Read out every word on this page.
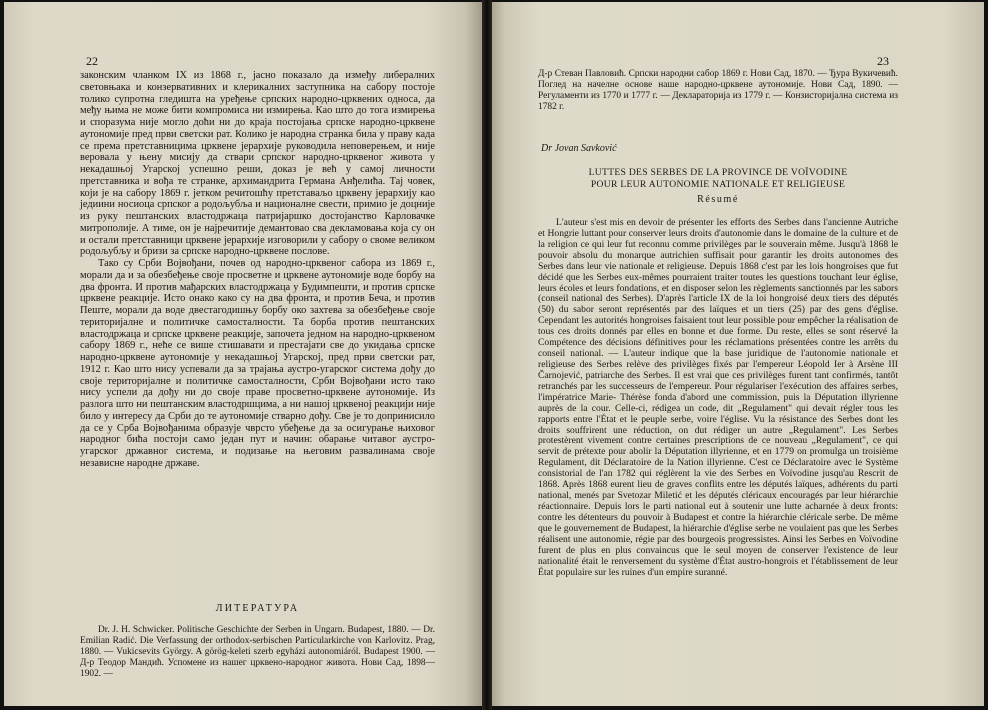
22

законским чланком IX из 1868 г., јасно показало да између либералних световњака и конзервативних и клерикалних заступника на сабору постоје толико супротна гледишта на уређење српских народно-црквених односа, да међу њима не може бити компромиса ни измирења. Као што до тога измирења и споразума није могло доћи ни до краја постојања српске народно-црквене аутономије пред први светски рат. Колико је народна странка била у праву када се према претставницима црквене јерархије руководила неповерењем, и није веровала у њену мисију да ствари српског народно-црквеног живота у некадашњој Угарској успешно реши, доказ је већ у самој личности претставника и вођа те странке, архимандрита Германа Анђелића. Тај човек, који је на сабору 1869 г. јетком речитошћу претставаљо црквену јерархију као једиини носиоца српског а родољубља и националне свести, примио је доцније из руку пештанских властодржаца патријаршко достојанство Карловачке митрополије. А тиме, он је најречитије демантовао сва декламовања која су он и остали претставници црквене јерархије изговорили у сабору о своме великом родољубљу и бризи за српске народно-црквене послове.

Тако су Срби Војвођани, почев од народно-црквеног сабора из 1869 г., морали да и за обезбеђење своје просветне и црквене аутономије воде борбу на два фронта. И против мађарских властодржаца у Будимпешти, и против српске црквене реакције. Исто онако како су на два фронта, и против Беча, и против Пеште, морали да воде двестагодишњу борбу око захтева за обезбеђење своје територијалне и политичке самосталности. Та борба против пештанских властодржаца и српске црквене реакције, започета једном на народно-црквеном сабору 1869 г., неће се више стишавати и престајати све до укидања српске народно-црквене аутономије у некадашњој Угарској, пред први светски рат, 1912 г. Као што нису успевали да за трајања аустро-угарског система дођу до своје територијалне и политичке самосталности, Срби Војвођани исто тако нису успели да дођу ни до своје праве просветно-црквене аутономије. Из разлога што ни пештанским властодршцима, а ни нашој црквеној реакцији није било у интересу да Срби до те аутономије стварно дођу. Све је то допринисило да се у Срба Војвођанима образује чврсто убеђење да за осигурање њиховог народног бића постоји само један пут и начин: обарање читавог аустро-угарског државног система, и подизање на његовим развалинама своје независне народне државе.

ЛИТЕРАТУРА
Dr. J. H. Schwicker. Politische Geschichte der Serben in Ungarn. Budapest, 1880. — Dr. Emilian Radić. Die Verfassung der orthodox-serbischen Particularkirche von Karlovitz. Prag, 1880. — Vukicsevits György. A görög-keleti szerb egyházi autonomiáról. Budapest 1900. — Д-р Теодор Мандић. Успомене из нашег црквено-народног живота. Нови Сад, 1898—1902. —
23
Д-р Стеван Павловић. Српски народни сабор 1869 г. Нови Сад, 1870. — Ђура Вукичевић. Поглед на начелне основе наше народно-црквене аутономије. Нови Сад, 1890. — Регуламенти из 1770 и 1777 г. — Деклараторија из 1779 г. — Конзисторијална система из 1782 г.
Dr Jovan Savković
LUTTES DES SERBES DE LA PROVINCE DE VOÏVODINE
POUR LEUR AUTONOMIE NATIONALE ET RELIGIEUSE
Résumé

L'auteur s'est mis en devoir de présenter les efforts des Serbes dans l'ancienne Autriche et Hongrie luttant pour conserver leurs droits d'autonomie dans le domaine de la culture et de la religion ce qui leur fut reconnu comme privilèges par le souverain même. Jusqu'à 1868 le pouvoir absolu du monarque autrichien suffisait pour garantir les droits autonomes des Serbes dans leur vie nationale et religieuse. Depuis 1868 c'est par les lois hongroises que fut décidé que les Serbes eux-mêmes pourraient traiter toutes les questions touchant leur église, leurs écoles et leurs fondations, et en disposer selon les règlements sanctionnés par les sabors (conseil national des Serbes). D'après l'article IX de la loi hongroisé deux tiers des députés (50) du sabor seront représentés par des laïques et un tiers (25) par des gens d'église. Cependant les autorités hongroises faisaient tout leur possible pour empêcher la réalisation de tous ces droits donnés par elles en bonne et due forme. Du reste, elles se sont réservé la Compétence des décisions définitives pour les réclamations présentées contre les arrêts du conseil national. — L'auteur indique que la base juridique de l'autonomie nationale et religieuse des Serbes relève des privilèges fixés par l'empereur Léopold Ier à Arsène III Čarnojević, patriarche des Serbes. Il est vrai que ces privilèges furent tant confirmés, tantôt retranchés par les successeurs de l'empereur. Pour régulariser l'exécution des affaires serbes, l'impératrice Marie- Thérèse fonda d'abord une commission, puis la Députation illyrienne auprès de la cour. Celle-ci, rédigea un code, dit „Regulament" qui devait régler tous les rapports entre l'État et le peuple serbe, voire l'église. Vu la résistance des Serbes dont les droits souffrirent une réduction, on dut rédiger un autre „Regulament". Les Serbes protestèrent vivement contre certaines prescriptions de ce nouveau „Regulament", ce qui servit de prétexte pour abolir la Députation illyrienne, et en 1779 on promulga un troisième Regulament, dit Déclaratoire de la Nation illyrienne. C'est ce Déclaratoire avec le Système consistorial de l'an 1782 qui réglèrent la vie des Serbes en Voïvodine jusqu'au Rescrit de 1868. Après 1868 eurent lieu de graves conflits entre les députés laïques, adhérents du parti national, menés par Svetozar Miletić et les députés cléricaux encouragés par leur hiérarchie réactionnaire. Depuis lors le parti national eut à soutenir une lutte acharnée à deux fronts: contre les détenteurs du pouvoir à Budapest et contre la hiérarchie cléricale serbe. De même que le gouvernement de Budapest, la hiérarchie d'église serbe ne voulaient pas que les Serbes réalisent une autonomie, régie par des bourgeois progressistes. Ainsi les Serbes en Voïvodine furent de plus en plus convaincus que le seul moyen de conserver l'existence de leur nationalité était le renversement du système d'État austro-hongrois et l'établissement de leur État populaire sur les ruines d'un empire suranné.
